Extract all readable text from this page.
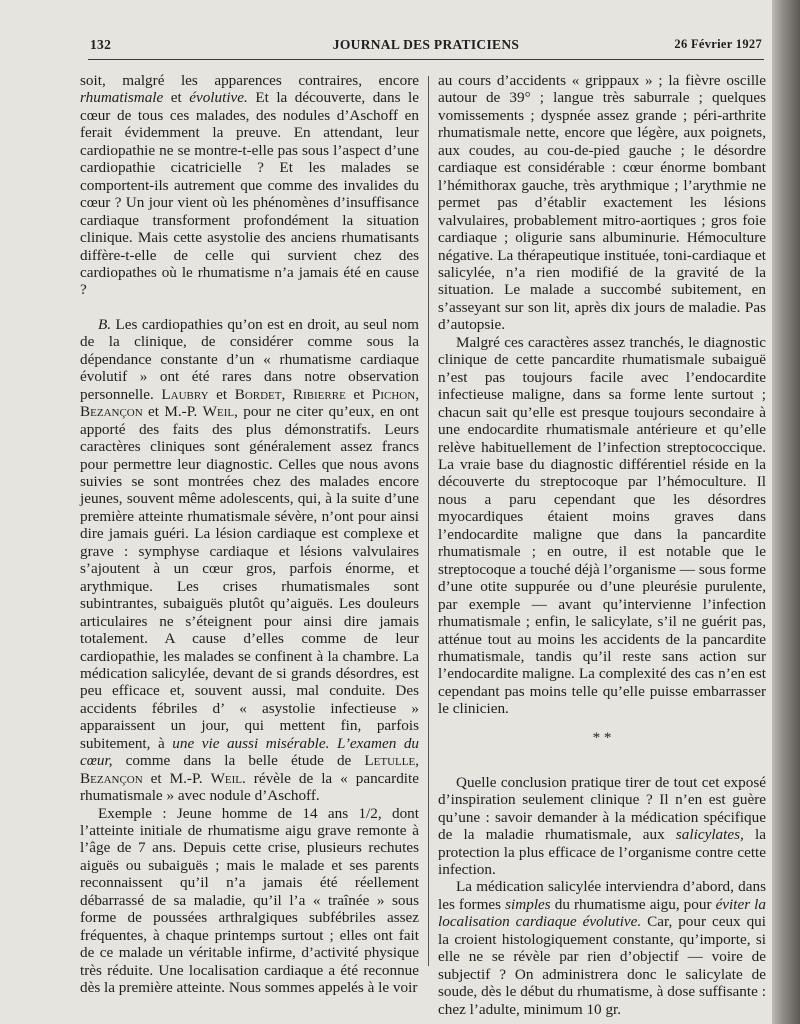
132	JOURNAL DES PRATICIENS	26 Février 1927

soit, malgré les apparences contraires, encore rhumatismale et évolutive. Et la découverte, dans le cœur de tous ces malades, des nodules d’Aschoff en ferait évidemment la preuve. En attendant, leur cardiopathie ne se montre-t-elle pas sous l’aspect d’une cardiopathie cicatricielle ? Et les malades se comportent-ils autrement que comme des invalides du cœur ? Un jour vient où les phénomènes d’insuffisance cardiaque transforment profondément la situation clinique. Mais cette asystolie des anciens rhumatisants diffère-t-elle de celle qui survient chez des cardiopathes où le rhumatisme n’a jamais été en cause ?

B. Les cardiopathies qu’on est en droit, au seul nom de la clinique, de considérer comme sous la dépendance constante d’un « rhumatisme cardiaque évolutif » ont été rares dans notre observation personnelle. Laubry et Bordet, Ribierre et Pichon, Bezançon et M.-P. Weil, pour ne citer qu’eux, en ont apporté des faits des plus démonstratifs. Leurs caractères cliniques sont généralement assez francs pour permettre leur diagnostic. Celles que nous avons suivies se sont montrées chez des malades encore jeunes, souvent même adolescents, qui, à la suite d’une première atteinte rhumatismale sévère, n’ont pour ainsi dire jamais guéri. La lésion cardiaque est complexe et grave : symphyse cardiaque et lésions valvulaires s’ajoutent à un cœur gros, parfois énorme, et arythmique. Les crises rhumatismales sont subintrantes, subaiguës plutôt qu’aiguës. Les douleurs articulaires ne s’éteignent pour ainsi dire jamais totalement. A cause d’elles comme de leur cardiopathie, les malades se confinent à la chambre. La médication salicylée, devant de si grands désordres, est peu efficace et, souvent aussi, mal conduite. Des accidents fébriles d’ « asystolie infectieuse » apparaissent un jour, qui mettent fin, parfois subitement, à une vie aussi misérable. L’examen du cœur, comme dans la belle étude de Letulle, Bezançon et M.-P. Weil. révèle de la « pancardite rhumatismale » avec nodule d’Aschoff.

Exemple : Jeune homme de 14 ans 1/2, dont l’atteinte initiale de rhumatisme aigu grave remonte à l’âge de 7 ans. Depuis cette crise, plusieurs rechutes aiguës ou subaiguës ; mais le malade et ses parents reconnaissent qu’il n’a jamais été réellement débarrassé de sa maladie, qu’il l’a « traînée » sous forme de poussées arthralgiques subfébriles assez fréquentes, à chaque printemps surtout ; elles ont fait de ce malade un véritable infirme, d’activité physique très réduite. Une localisation cardiaque a été reconnue dès la première atteinte. Nous sommes appelés à le voir

au cours d’accidents « grippaux » ; la fièvre oscille autour de 39° ; langue très saburrale ; quelques vomissements ; dyspnée assez grande ; péri-arthrite rhumatismale nette, encore que légère, aux poignets, aux coudes, au cou-de-pied gauche ; le désordre cardiaque est considérable : cœur énorme bombant l’hémithorax gauche, très arythmique ; l’arythmie ne permet pas d’établir exactement les lésions valvulaires, probablement mitro-aortiques ; gros foie cardiaque ; oligurie sans albuminurie. Hémoculture négative. La thérapeutique instituée, toni-cardiaque et salicylée, n’a rien modifié de la gravité de la situation. Le malade a succombé subitement, en s’asseyant sur son lit, après dix jours de maladie. Pas d’autopsie.

Malgré ces caractères assez tranchés, le diagnostic clinique de cette pancardite rhumatismale subaiguë n’est pas toujours facile avec l’endocardite infectieuse maligne, dans sa forme lente surtout ; chacun sait qu’elle est presque toujours secondaire à une endocardite rhumatismale antérieure et qu’elle relève habituellement de l’infection streptococcique. La vraie base du diagnostic différentiel réside en la découverte du streptocoque par l’hémoculture. Il nous a paru cependant que les désordres myocardiques étaient moins graves dans l’endocardite maligne que dans la pancardite rhumatismale ; en outre, il est notable que le streptocoque a touché déjà l’organisme — sous forme d’une otite suppurée ou d’une pleurésie purulente, par exemple — avant qu’intervienne l’infection rhumatismale ; enfin, le salicylate, s’il ne guérit pas, atténue tout au moins les accidents de la pancardite rhumatismale, tandis qu’il reste sans action sur l’endocardite maligne. La complexité des cas n’en est cependant pas moins telle qu’elle puisse embarrasser le clinicien.

* *

Quelle conclusion pratique tirer de tout cet exposé d’inspiration seulement clinique ? Il n’en est guère qu’une : savoir demander à la médication spécifique de la maladie rhumatismale, aux salicylates, la protection la plus efficace de l’organisme contre cette infection.

La médication salicylée interviendra d’abord, dans les formes simples du rhumatisme aigu, pour éviter la localisation cardiaque évolutive. Car, pour ceux qui la croient histologiquement constante, qu’importe, si elle ne se révèle par rien d’objectif — voire de subjectif ? On administrera donc le salicylate de soude, dès le début du rhumatisme, à dose suffisante : chez l’adulte, minimum 10 gr.
